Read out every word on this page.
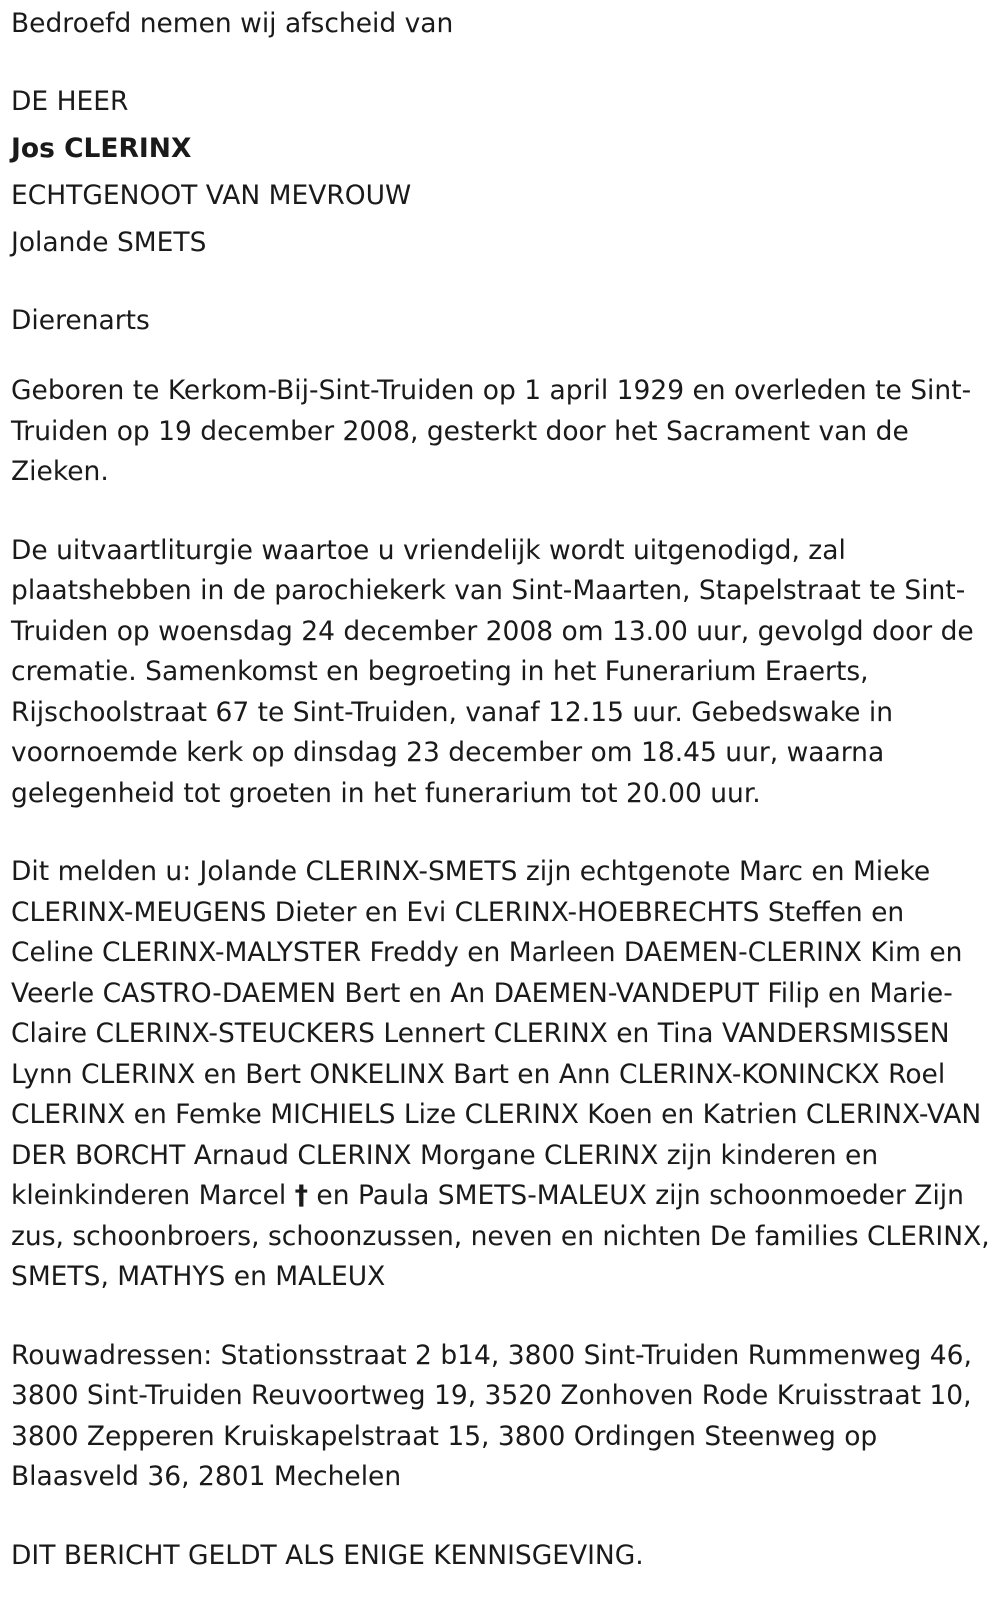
Bedroefd nemen wij afscheid van

DE HEER

Jos CLERINX

ECHTGENOOT VAN MEVROUW

Jolande SMETS

Dierenarts

Geboren te Kerkom-Bij-Sint-Truiden op 1 april 1929 en overleden te Sint-Truiden op 19 december 2008, gesterkt door het Sacrament van de Zieken.

De uitvaartliturgie waartoe u vriendelijk wordt uitgenodigd, zal plaatshebben in de parochiekerk van Sint-Maarten, Stapelstraat te Sint-Truiden op woensdag 24 december 2008 om 13.00 uur, gevolgd door de crematie. Samenkomst en begroeting in het Funerarium Eraerts, Rijschoolstraat 67 te Sint-Truiden, vanaf 12.15 uur. Gebedswake in voornoemde kerk op dinsdag 23 december om 18.45 uur, waarna gelegenheid tot groeten in het funerarium tot 20.00 uur.

Dit melden u: Jolande CLERINX-SMETS zijn echtgenote Marc en Mieke CLERINX-MEUGENS Dieter en Evi CLERINX-HOEBRECHTS Steffen en Celine CLERINX-MALYSTER Freddy en Marleen DAEMEN-CLERINX Kim en Veerle CASTRO-DAEMEN Bert en An DAEMEN-VANDEPUT Filip en Marie-Claire CLERINX-STEUCKERS Lennert CLERINX en Tina VANDERSMISSEN Lynn CLERINX en Bert ONKELINX Bart en Ann CLERINX-KONINCKX Roel CLERINX en Femke MICHIELS Lize CLERINX Koen en Katrien CLERINX-VAN DER BORCHT Arnaud CLERINX Morgane CLERINX zijn kinderen en kleinkinderen Marcel † en Paula SMETS-MALEUX zijn schoonmoeder Zijn zus, schoonbroers, schoonzussen, neven en nichten De families CLERINX, SMETS, MATHYS en MALEUX

Rouwadressen: Stationsstraat 2 b14, 3800 Sint-Truiden Rummenweg 46, 3800 Sint-Truiden Reuvoortweg 19, 3520 Zonhoven Rode Kruisstraat 10, 3800 Zepperen Kruiskapelstraat 15, 3800 Ordingen Steenweg op Blaasveld 36, 2801 Mechelen

DIT BERICHT GELDT ALS ENIGE KENNISGEVING.
